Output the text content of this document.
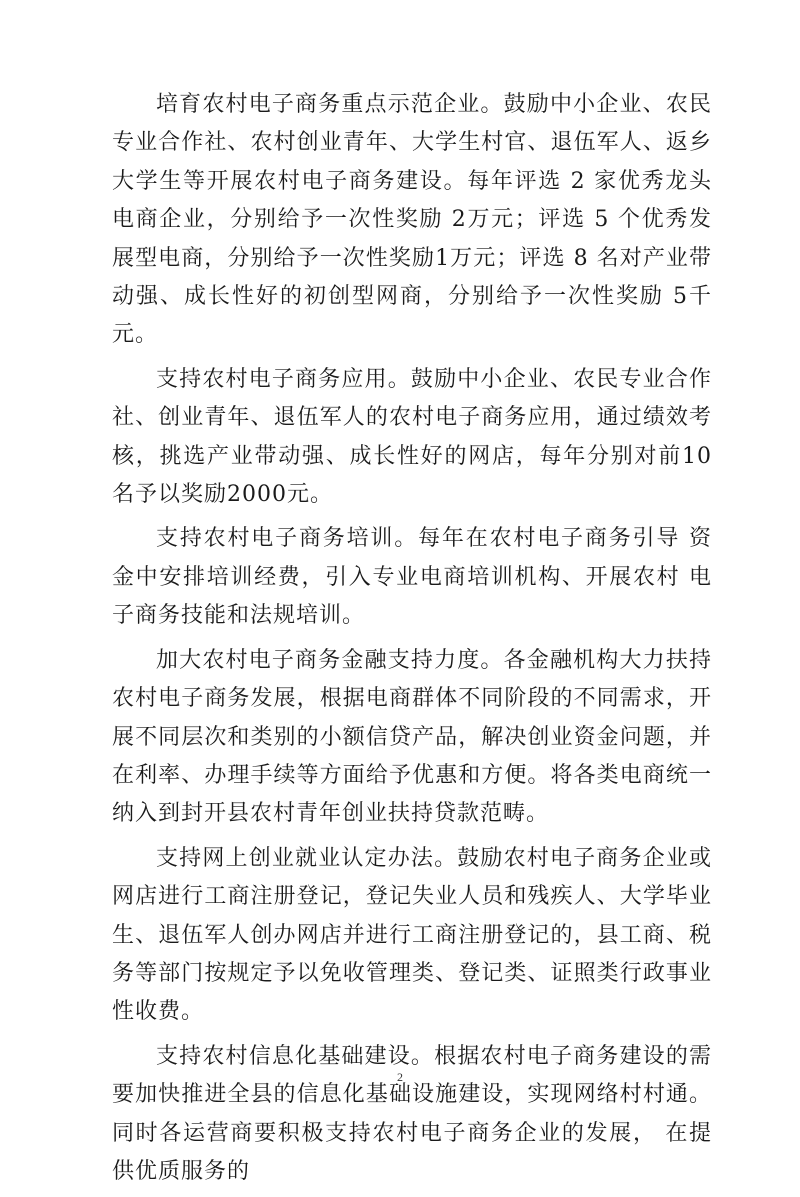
培育农村电子商务重点示范企业。鼓励中小企业、农民专业合作社、农村创业青年、大学生村官、退伍军人、返乡大学生等开展农村电子商务建设。每年评选 2 家优秀龙头电商企业，分别给予一次性奖励 2万元；评选 5 个优秀发展型电商，分别给予一次性奖励1万元；评选 8 名对产业带动强、成长性好的初创型网商，分别给予一次性奖励 5千元。

支持农村电子商务应用。鼓励中小企业、农民专业合作社、创业青年、退伍军人的农村电子商务应用，通过绩效考核，挑选产业带动强、成长性好的网店，每年分别对前10名予以奖励2000元。

支持农村电子商务培训。每年在农村电子商务引导 资金中安排培训经费，引入专业电商培训机构、开展农村 电子商务技能和法规培训。

加大农村电子商务金融支持力度。各金融机构大力扶持农村电子商务发展，根据电商群体不同阶段的不同需求，开展不同层次和类别的小额信贷产品，解决创业资金问题，并在利率、办理手续等方面给予优惠和方便。将各类电商统一纳入到封开县农村青年创业扶持贷款范畴。

支持网上创业就业认定办法。鼓励农村电子商务企业或网店进行工商注册登记，登记失业人员和残疾人、大学毕业生、退伍军人创办网店并进行工商注册登记的，县工商、税务等部门按规定予以免收管理类、登记类、证照类行政事业性收费。

支持农村信息化基础建设。根据农村电子商务建设的需要加快推进全县的信息化基础设施建设，实现网络村村通。同时各运营商要积极支持农村电子商务企业的发展， 在提供优质服务的

2
